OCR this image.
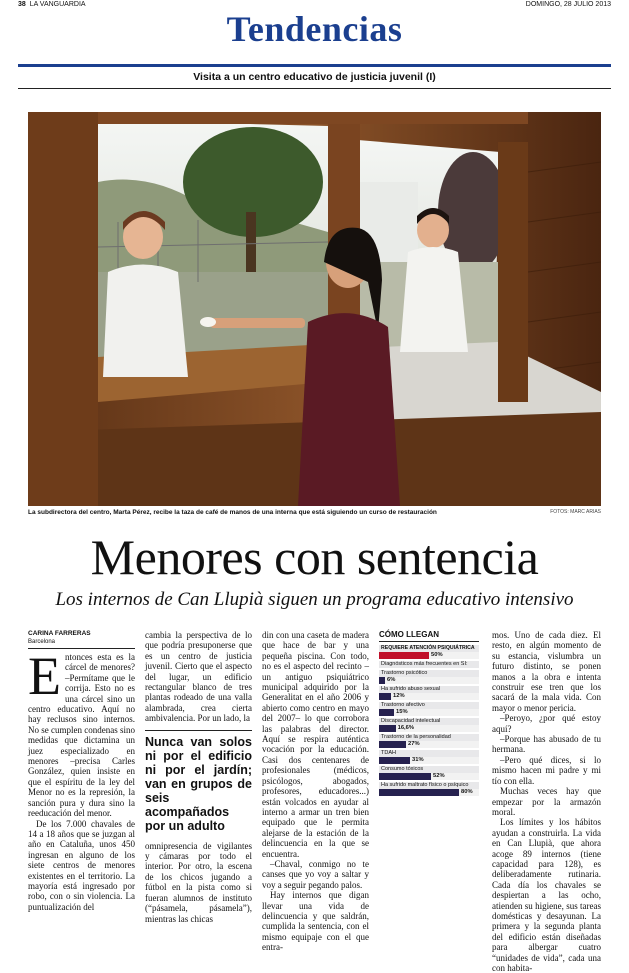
38 LA VANGUARDIA	DOMINGO, 28 JULIO 2013
Tendencias
Visita a un centro educativo de justicia juvenil (I)
La subdirectora del centro, Marta Pérez, recibe la taza de café de manos de una interna que está siguiendo un curso de restauración	FOTOS: MARC ARIAS
Menores con sentencia
Los internos de Can Llupià siguen un programa educativo intensivo
CARINA FARRERAS
Barcelona
E ntonces esta es la cárcel de menores? –Permítame que le corrija. Esto no es una cárcel sino un centro educativo. Aquí no hay reclusos sino internos. No se cumplen condenas sino medidas que dictamina un juez especializado en menores –precisa Carles González, quien insiste en que el espíritu de la ley del Menor no es la represión, la sanción pura y dura sino la reeducación del menor.

De los 7.000 chavales de 14 a 18 años que se juzgan al año en Cataluña, unos 450 ingresan en alguno de los siete centros de menores existentes en el territorio. La mayoría está ingresado por robo, con o sin violencia. La puntualización del

cambia la perspectiva de lo que podría presuponerse que es un centro de justicia juvenil. Cierto que el aspecto del lugar, un edificio rectangular blanco de tres plantas rodeado de una valla alambrada, crea cierta ambivalencia. Por un lado, la

Nunca van solos ni por el edificio ni por el jardín; van en grupos de seis acompañados por un adulto

omnipresencia de vigilantes y cámaras por todo el interior. Por otro, la escena de los chicos jugando a fútbol en la pista como si fueran alumnos de instituto (“pásamela, pásamela”), mientras las chicas

din con una caseta de madera que hace de bar y una pequeña piscina. Con todo, no es el aspecto del recinto –un antiguo psiquiátrico municipal adquirido por la Generalitat en el año 2006 y abierto como centro en mayo del 2007– lo que corrobora las palabras del director. Aquí se respira auténtica vocación por la educación. Casi dos centenares de profesionales (médicos, psicólogos, abogados, profesores, educadores...) están volcados en ayudar al interno a armar un tren bien equipado que le permita alejarse de la estación de la delincuencia en la que se encuentra.

–Chaval, conmigo no te canses que yo voy a saltar y voy a seguir pegando palos.

Hay internos que digan llevar una vida de delincuencia y que saldrán, cumplida la sentencia, con el mismo equipaje con el que entra-

CÓMO LLEGAN
REQUIERE ATENCIÓN PSIQUIÁTRICA
50%
Diagnósticos más frecuentes en SI:
Trastorno psicótico
6%
Ha sufrido abuso sexual
12%
Trastorno afectivo
15%
Discapacidad intelectual
16,6%
Trastorno de la personalidad
27%
TDAH
31%
Consumo tóxicos
52%
Ha sufrido maltrato físico o psíquico
80%

mos. Uno de cada diez. El resto, en algún momento de su estancia, vislumbra un futuro distinto, se ponen manos a la obra e intenta construir ese tren que los sacará de la mala vida. Con mayor o menor pericia.

–Peroyo, ¿por qué estoy aquí?

–Porque has abusado de tu hermana.

–Pero qué dices, si lo mismo hacen mi padre y mi tío con ella.

Muchas veces hay que empezar por la armazón moral.

Los límites y los hábitos ayudan a construirla. La vida en Can Llupià, que ahora acoge 89 internos (tiene capacidad para 128), es deliberadamente rutinaria. Cada día los chavales se despiertan a las ocho, atienden su higiene, sus tareas domésticas y desayunan. La primera y la segunda planta del edificio están diseñadas para albergar cuatro “unidades de vida”, cada una con habita-
